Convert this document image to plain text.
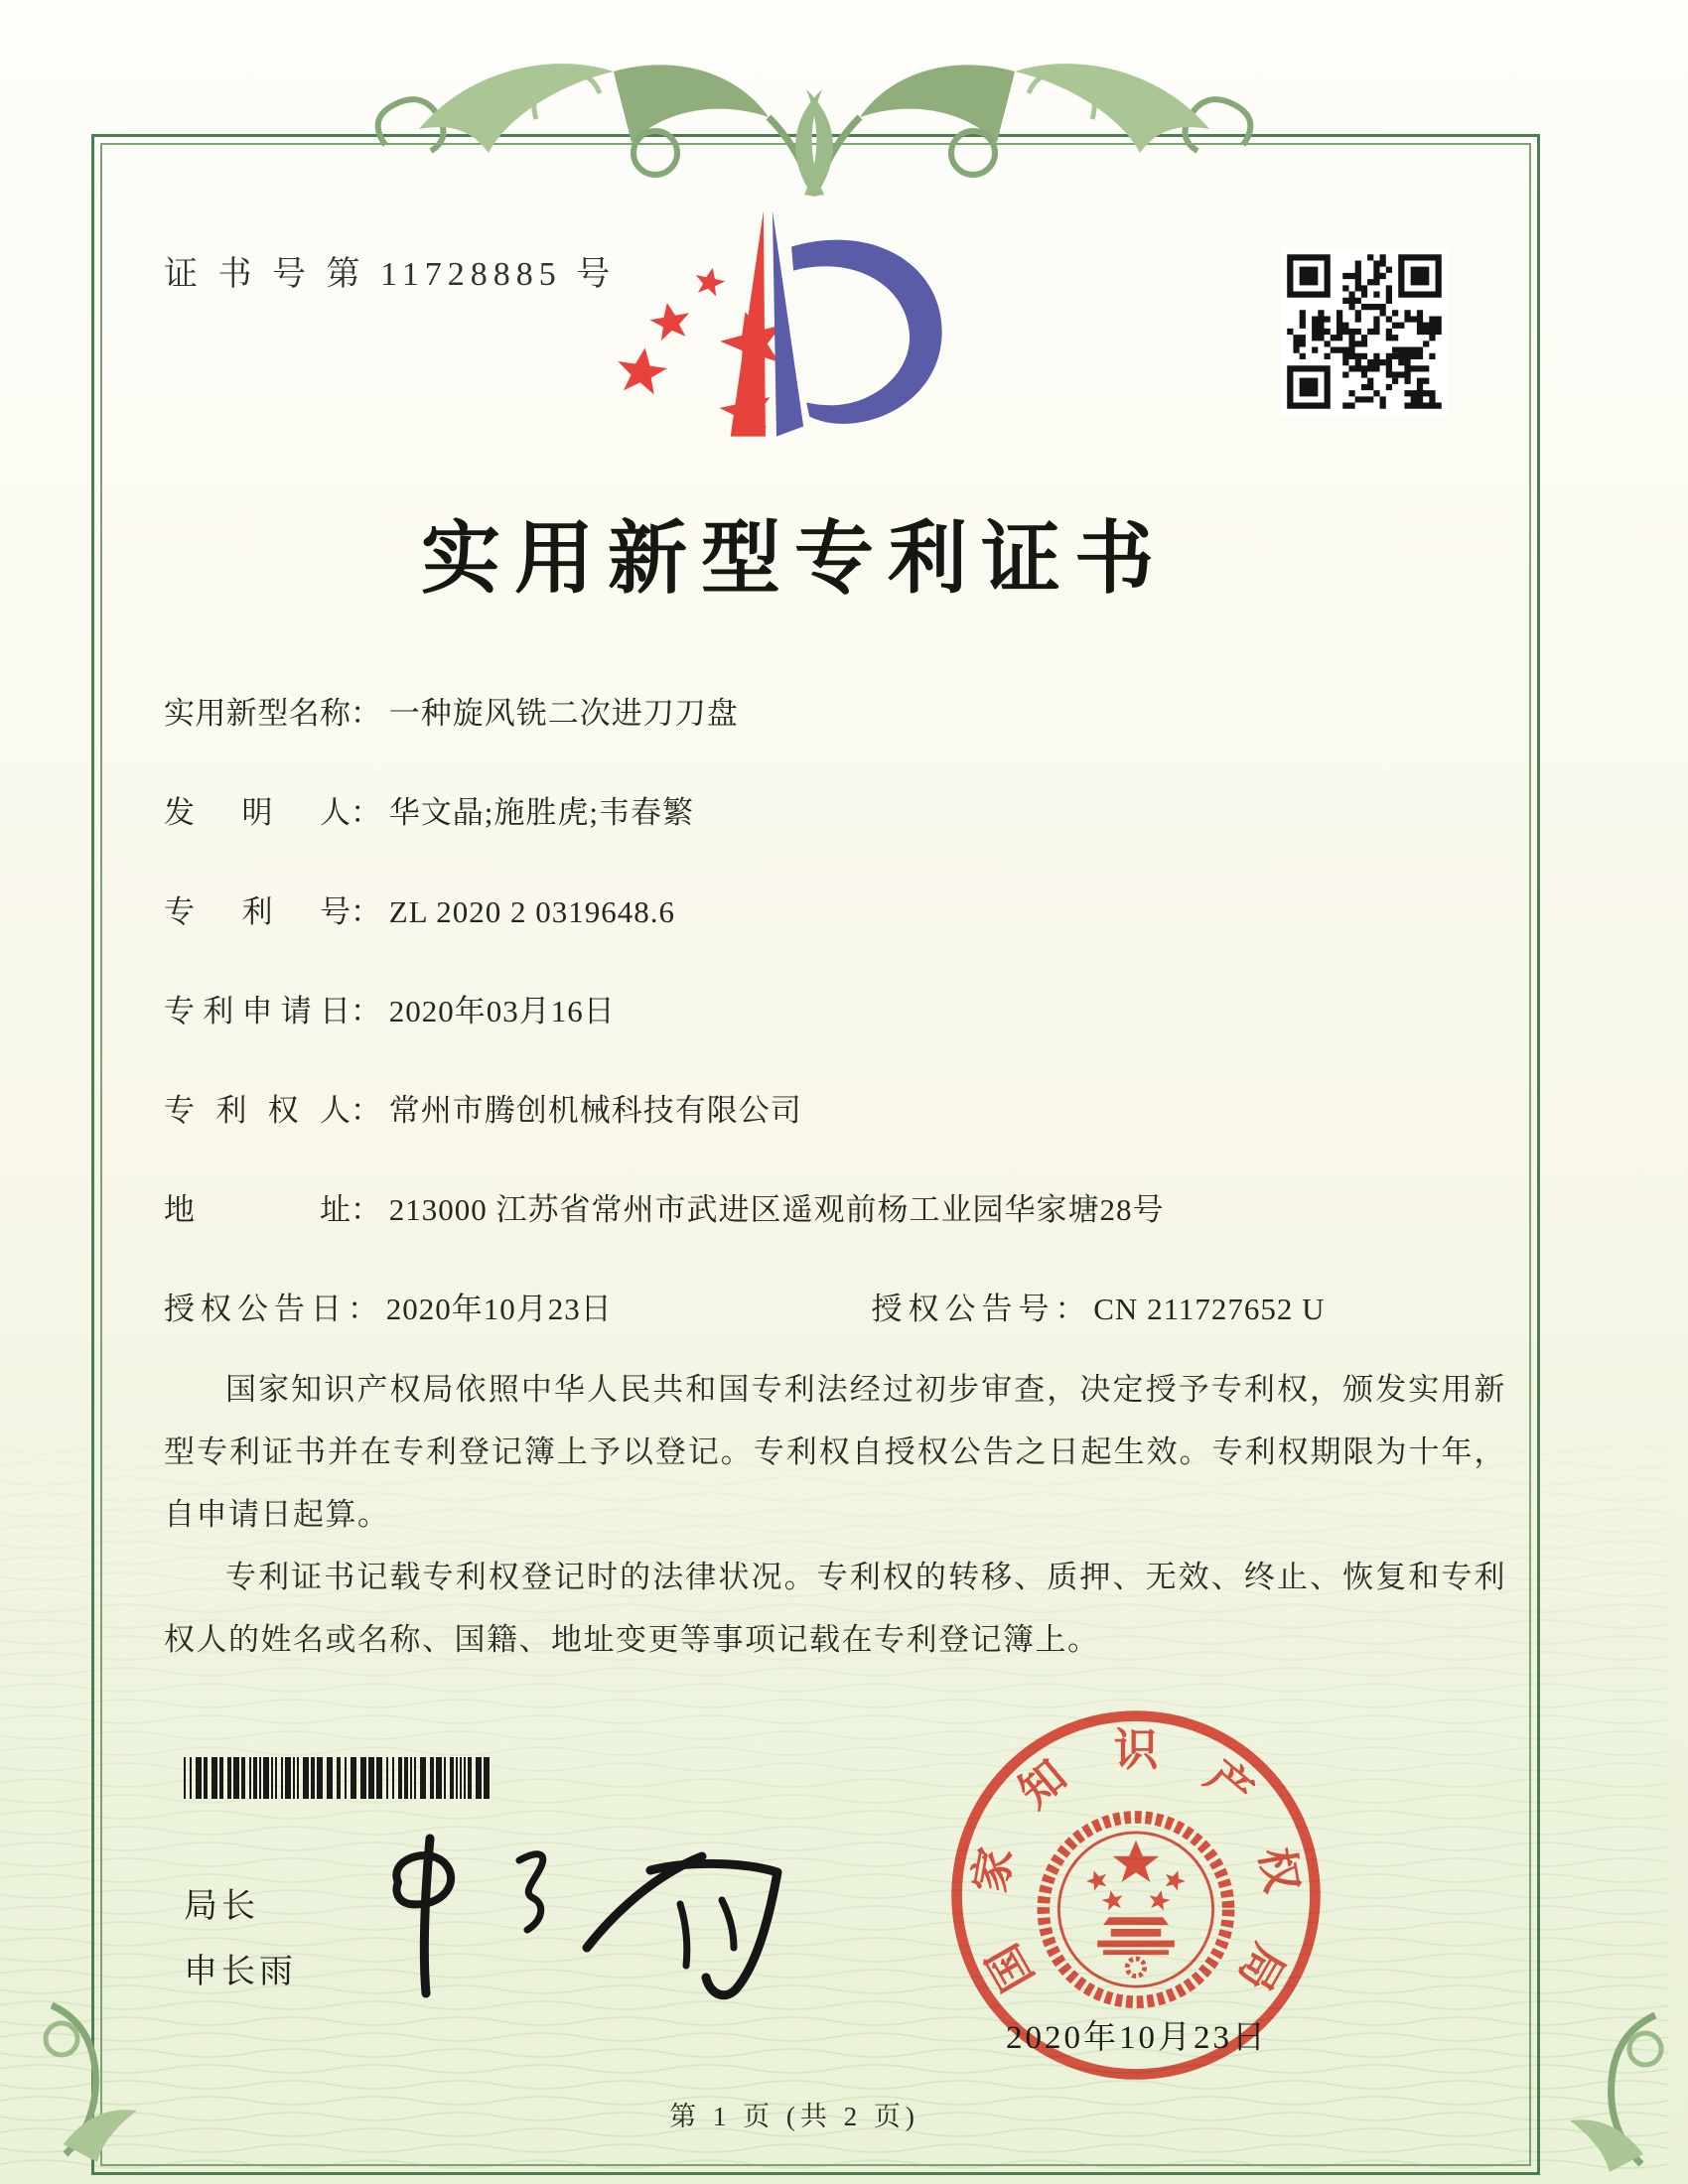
证 书 号 第 11728885 号
实用新型专利证书
实用新型名称： 一种旋风铣二次进刀刀盘
发明人： 华文晶;施胜虎;韦春繁
专利号： ZL 2020 2 0319648.6
专利申请日： 2020年03月16日
专利权人： 常州市腾创机械科技有限公司
地址： 213000 江苏省常州市武进区遥观前杨工业园华家塘28号
授权公告日： 2020年10月23日	授权公告号： CN 211727652 U

国家知识产权局依照中华人民共和国专利法经过初步审查，决定授予专利权，颁发实用新型专利证书并在专利登记簿上予以登记。专利权自授权公告之日起生效。专利权期限为十年，自申请日起算。

专利证书记载专利权登记时的法律状况。专利权的转移、质押、无效、终止、恢复和专利权人的姓名或名称、国籍、地址变更等事项记载在专利登记簿上。

局长
申长雨	国
家
知
识
产
权
局
2020年10月23日
第 1 页 (共 2 页)
